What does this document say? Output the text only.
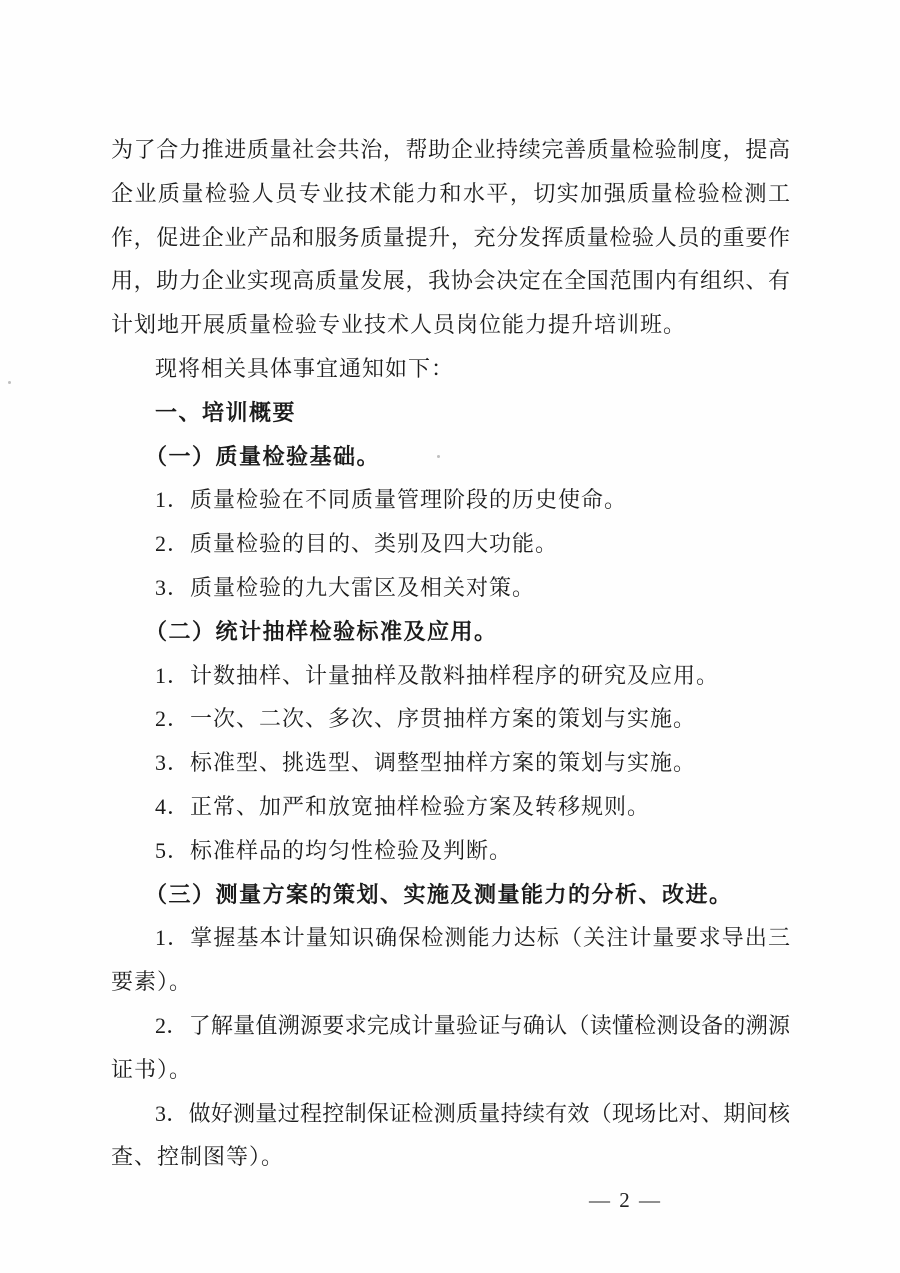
为了合力推进质量社会共治，帮助企业持续完善质量检验制度，提高
企业质量检验人员专业技术能力和水平，切实加强质量检验检测工
作，促进企业产品和服务质量提升，充分发挥质量检验人员的重要作
用，助力企业实现高质量发展，我协会决定在全国范围内有组织、有
计划地开展质量检验专业技术人员岗位能力提升培训班。
现将相关具体事宜通知如下：
一、培训概要
（一）质量检验基础。
1．质量检验在不同质量管理阶段的历史使命。
2．质量检验的目的、类别及四大功能。
3．质量检验的九大雷区及相关对策。
（二）统计抽样检验标准及应用。
1．计数抽样、计量抽样及散料抽样程序的研究及应用。
2．一次、二次、多次、序贯抽样方案的策划与实施。
3．标准型、挑选型、调整型抽样方案的策划与实施。
4．正常、加严和放宽抽样检验方案及转移规则。
5．标准样品的均匀性检验及判断。
（三）测量方案的策划、实施及测量能力的分析、改进。
1．掌握基本计量知识确保检测能力达标（关注计量要求导出三
要素）。
2．了解量值溯源要求完成计量验证与确认（读懂检测设备的溯源
证书）。
3．做好测量过程控制保证检测质量持续有效（现场比对、期间核
查、控制图等）。
— 2 —
